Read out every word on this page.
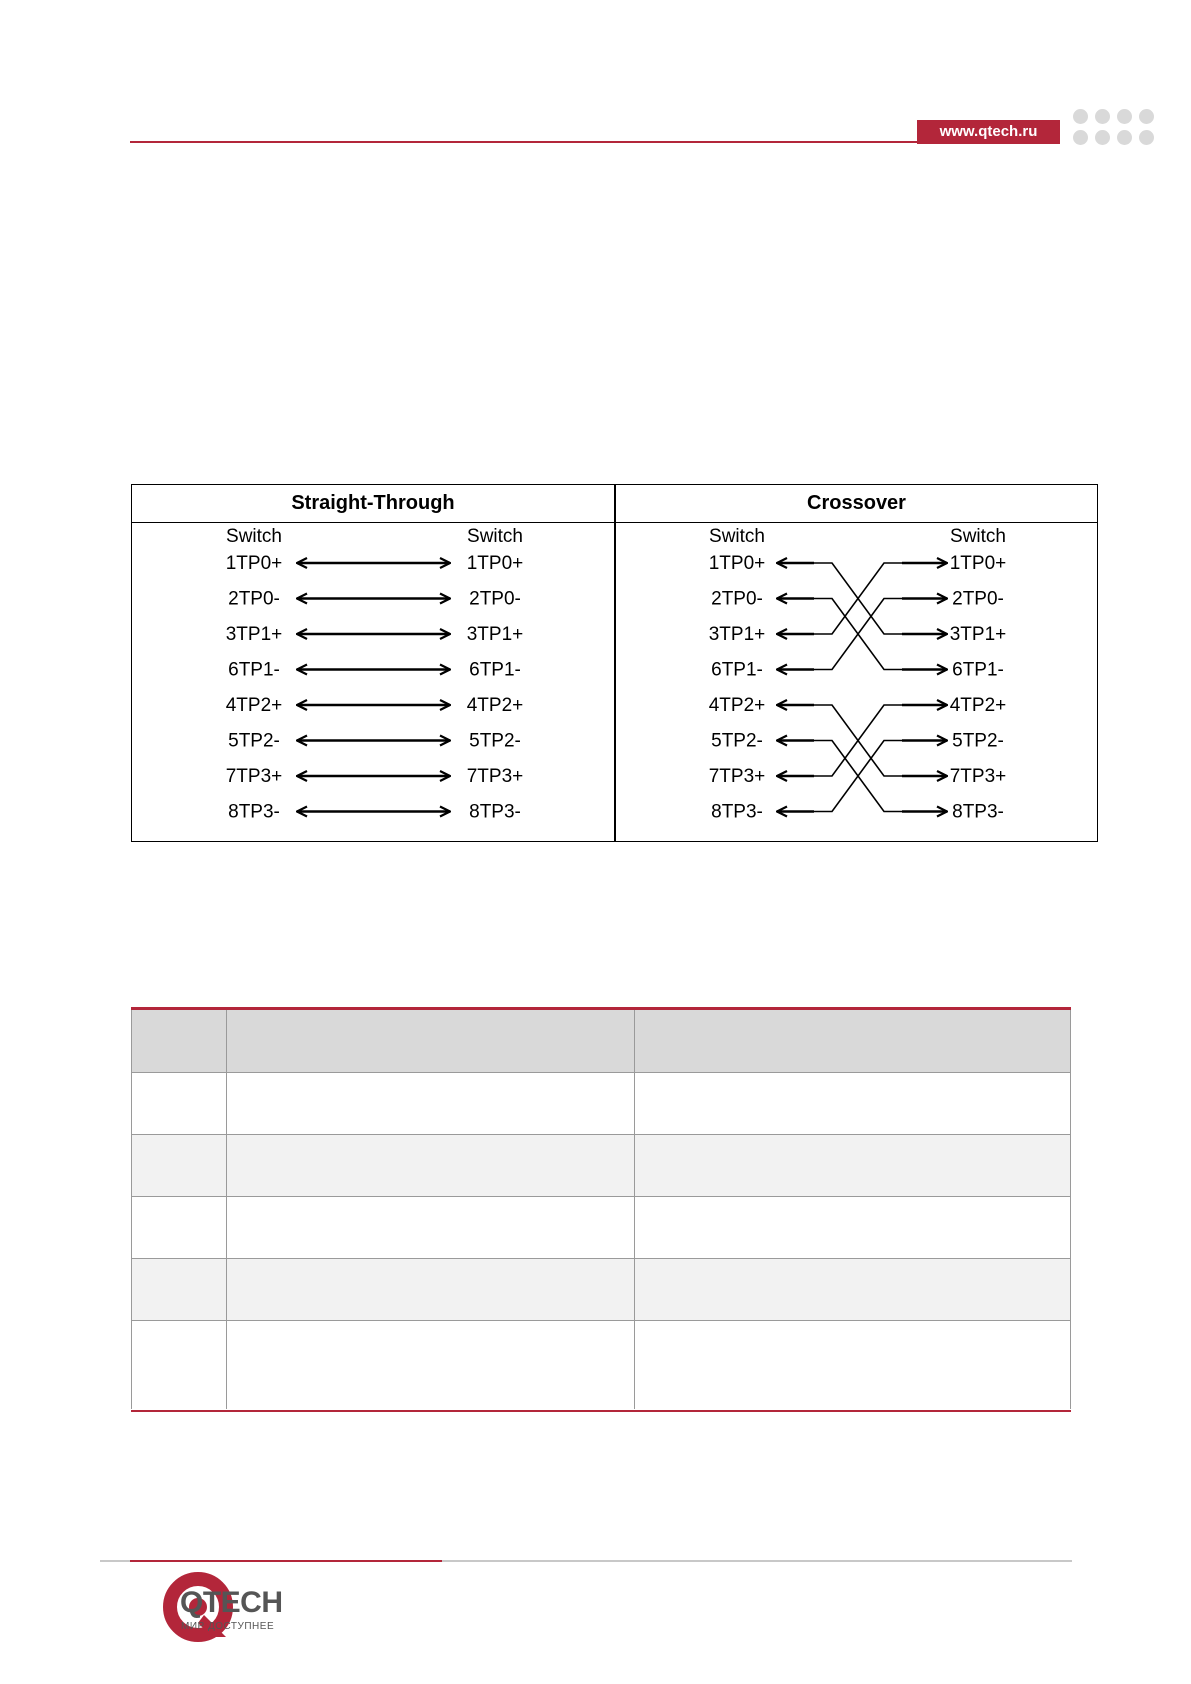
www.qtech.ru
Straight-Through	Crossover
Switch	Switch	Switch	Switch
1TP0+	1TP0+	1TP0+	1TP0+
2TP0-	2TP0-	2TP0-	2TP0-
3TP1+	3TP1+	3TP1+	3TP1+
6TP1-	6TP1-	6TP1-	6TP1-
4TP2+	4TP2+	4TP2+	4TP2+
5TP2-	5TP2-	5TP2-	5TP2-
7TP3+	7TP3+	7TP3+	7TP3+
8TP3-	8TP3-	8TP3-	8TP3-
QTECH
МИР ДОСТУПНЕЕ
